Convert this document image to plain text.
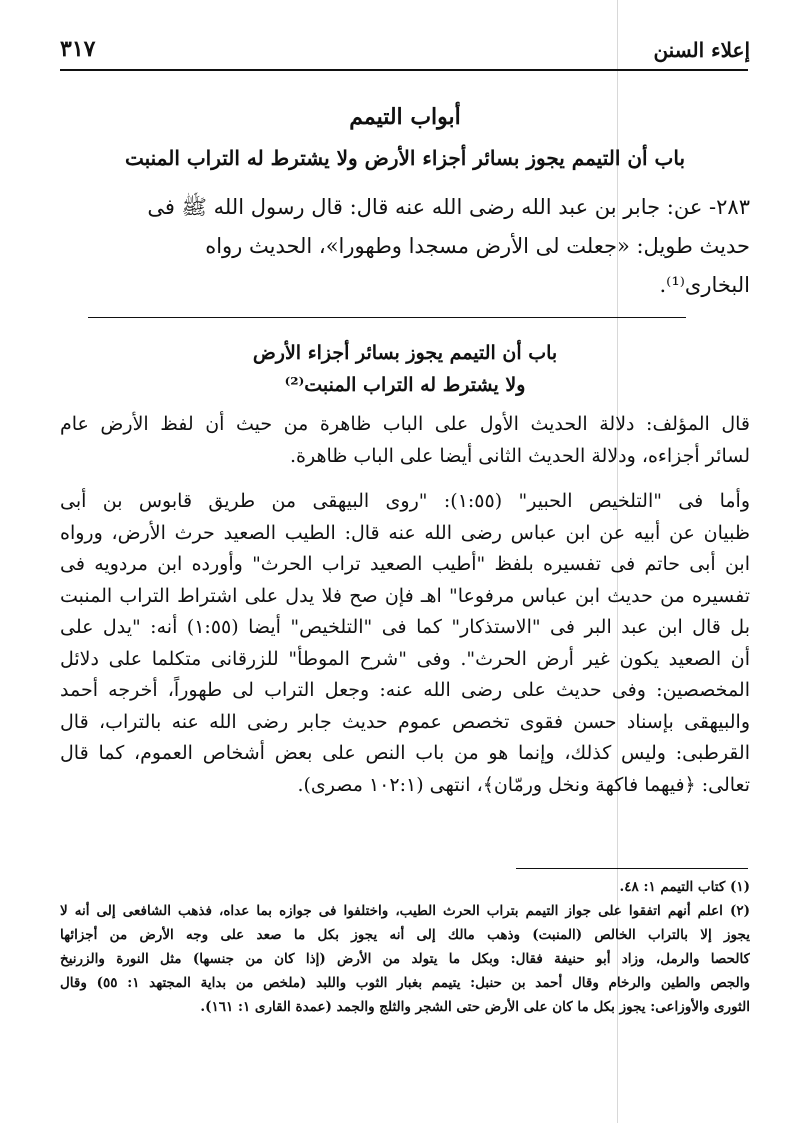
إعلاء السنن
٣١٧
أبواب التيمم
باب أن التيمم يجوز بسائر أجزاء الأرض ولا يشترط له التراب المنبت
٢٨٣- عن: جابر بن عبد الله رضى الله عنه قال: قال رسول الله ﷺ فى
حديث طويل: «جعلت لى الأرض مسجدا وطهورا»، الحديث رواه
البخارى⁽¹⁾.
باب أن التيمم يجوز بسائر أجزاء الأرض
ولا يشترط له التراب المنبت⁽²⁾
قال المؤلف: دلالة الحديث الأول على الباب ظاهرة من حيث أن لفظ الأرض عام
لسائر أجزاءه، ودلالة الحديث الثانى أيضا على الباب ظاهرة.
وأما فى "التلخيص الحبير" (١:٥٥): "روى البيهقى من طريق قابوس بن أبى
ظبيان عن أبيه عن ابن عباس رضى الله عنه قال: الطيب الصعيد حرث الأرض، ورواه
ابن أبى حاتم فى تفسيره بلفظ "أطيب الصعيد تراب الحرث" وأورده ابن مردويه فى
تفسيره من حديث ابن عباس مرفوعا" اهـ فإن صح فلا يدل على اشتراط التراب المنبت
بل قال ابن عبد البر فى "الاستذكار" كما فى "التلخيص" أيضا (١:٥٥) أنه: "يدل على
أن الصعيد يكون غير أرض الحرث". وفى "شرح الموطأ" للزرقانى متكلما على دلائل
المخصصين: وفى حديث على رضى الله عنه: وجعل التراب لى طهوراً، أخرجه أحمد
والبيهقى بإسناد حسن فقوى تخصص عموم حديث جابر رضى الله عنه بالتراب، قال
القرطبى: وليس كذلك، وإنما هو من باب النص على بعض أشخاص العموم، كما قال
تعالى: ﴿فيهما فاكهة ونخل ورمّان﴾، انتهى (١٠٢:١ مصرى).
(١) كتاب التيمم ١: ٤٨.
(٢) اعلم أنهم اتفقوا على جواز التيمم بتراب الحرث الطيب، واختلفوا فى جوازه بما عداه، فذهب الشافعى إلى أنه لا
يجوز إلا بالتراب الخالص (المنبت) وذهب مالك إلى أنه يجوز بكل ما صعد على وجه الأرض من أجزائها
كالحصا والرمل، وزاد أبو حنيفة فقال: وبكل ما يتولد من الأرض (إذا كان من جنسها) مثل النورة والزرنيخ
والجص والطين والرخام وقال أحمد بن حنبل: يتيمم بغبار الثوب واللبد (ملخص من بداية المجتهد ١: ٥٥) وقال
الثورى والأوزاعى: يجوز بكل ما كان على الأرض حتى الشجر والثلج والجمد (عمدة القارى ١: ١٦١).
